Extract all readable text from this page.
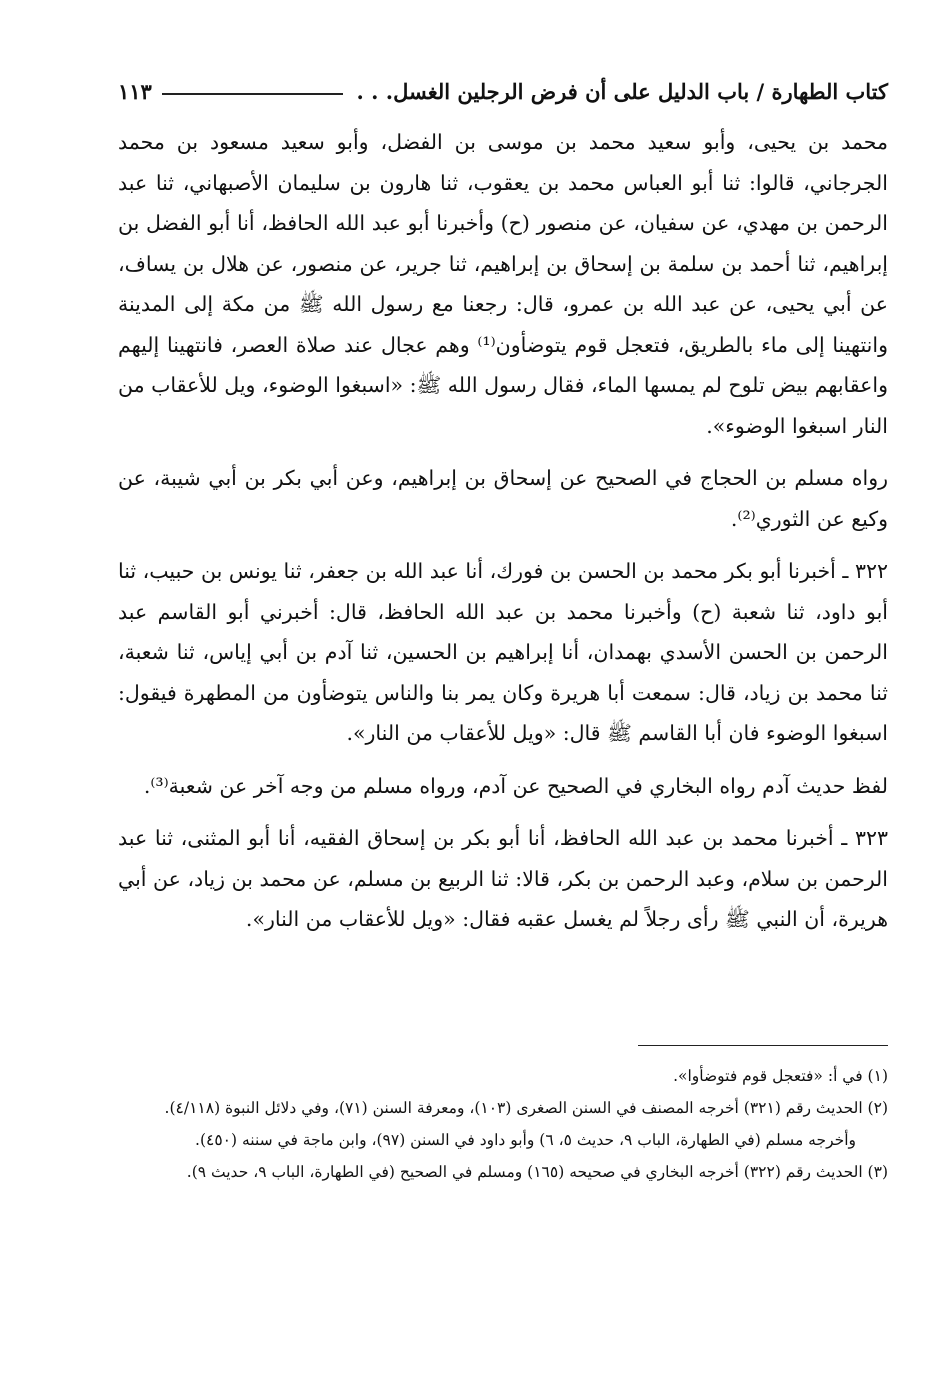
كتاب الطهارة / باب الدليل على أن فرض الرجلين الغسل
. . .
١١٣

محمد بن يحيى، وأبو سعيد محمد بن موسى بن الفضل، وأبو سعيد مسعود بن محمد الجرجاني، قالوا: ثنا أبو العباس محمد بن يعقوب، ثنا هارون بن سليمان الأصبهاني، ثنا عبد الرحمن بن مهدي، عن سفيان، عن منصور (ح) وأخبرنا أبو عبد الله الحافظ، أنا أبو الفضل بن إبراهيم، ثنا أحمد بن سلمة بن إسحاق بن إبراهيم، ثنا جرير، عن منصور، عن هلال بن يساف، عن أبي يحيى، عن عبد الله بن عمرو، قال: رجعنا مع رسول الله ﷺ من مكة إلى المدينة وانتهينا إلى ماء بالطريق، فتعجل قوم يتوضأون⁽¹⁾ وهم عجال عند صلاة العصر، فانتهينا إليهم واعقابهم بيض تلوح لم يمسها الماء، فقال رسول الله ﷺ: «اسبغوا الوضوء، ويل للأعقاب من النار اسبغوا الوضوء».

رواه مسلم بن الحجاج في الصحيح عن إسحاق بن إبراهيم، وعن أبي بكر بن أبي شيبة، عن وكيع عن الثوري⁽²⁾.

٣٢٢ ـ أخبرنا أبو بكر محمد بن الحسن بن فورك، أنا عبد الله بن جعفر، ثنا يونس بن حبيب، ثنا أبو داود، ثنا شعبة (ح) وأخبرنا محمد بن عبد الله الحافظ، قال: أخبرني أبو القاسم عبد الرحمن بن الحسن الأسدي بهمدان، أنا إبراهيم بن الحسين، ثنا آدم بن أبي إياس، ثنا شعبة، ثنا محمد بن زياد، قال: سمعت أبا هريرة وكان يمر بنا والناس يتوضأون من المطهرة فيقول: اسبغوا الوضوء فان أبا القاسم ﷺ قال: «ويل للأعقاب من النار».

لفظ حديث آدم رواه البخاري في الصحيح عن آدم، ورواه مسلم من وجه آخر عن شعبة⁽³⁾.

٣٢٣ ـ أخبرنا محمد بن عبد الله الحافظ، أنا أبو بكر بن إسحاق الفقيه، أنا أبو المثنى، ثنا عبد الرحمن بن سلام، وعبد الرحمن بن بكر، قالا: ثنا الربيع بن مسلم، عن محمد بن زياد، عن أبي هريرة، أن النبي ﷺ رأى رجلاً لم يغسل عقبه فقال: «ويل للأعقاب من النار».

(١) في أ: «فتعجل قوم فتوضأوا».

(٢) الحديث رقم (٣٢١) أخرجه المصنف في السنن الصغرى (١٠٣)، ومعرفة السنن (٧١)، وفي دلائل النبوة (٤/١١٨).

وأخرجه مسلم (في الطهارة، الباب ٩، حديث ٥، ٦) وأبو داود في السنن (٩٧)، وابن ماجة في سننه (٤٥٠).

(٣) الحديث رقم (٣٢٢) أخرجه البخاري في صحيحه (١٦٥) ومسلم في الصحيح (في الطهارة، الباب ٩، حديث ٩).
